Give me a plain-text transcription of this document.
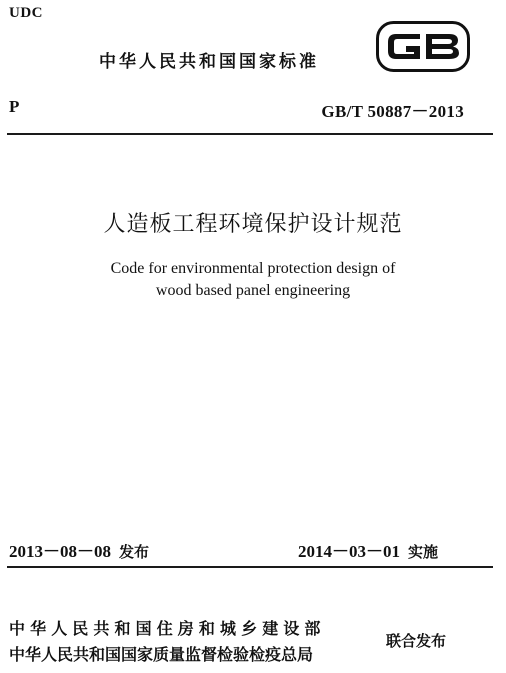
UDC
中华人民共和国国家标准
P	GB/T 50887－2013
人造板工程环境保护设计规范
Code for environmental protection design of
wood based panel engineering
2013－08－08 发布	2014－03－01 实施
中华人民共和国住房和城乡建设部
中华人民共和国国家质量监督检验检疫总局
联合发布
